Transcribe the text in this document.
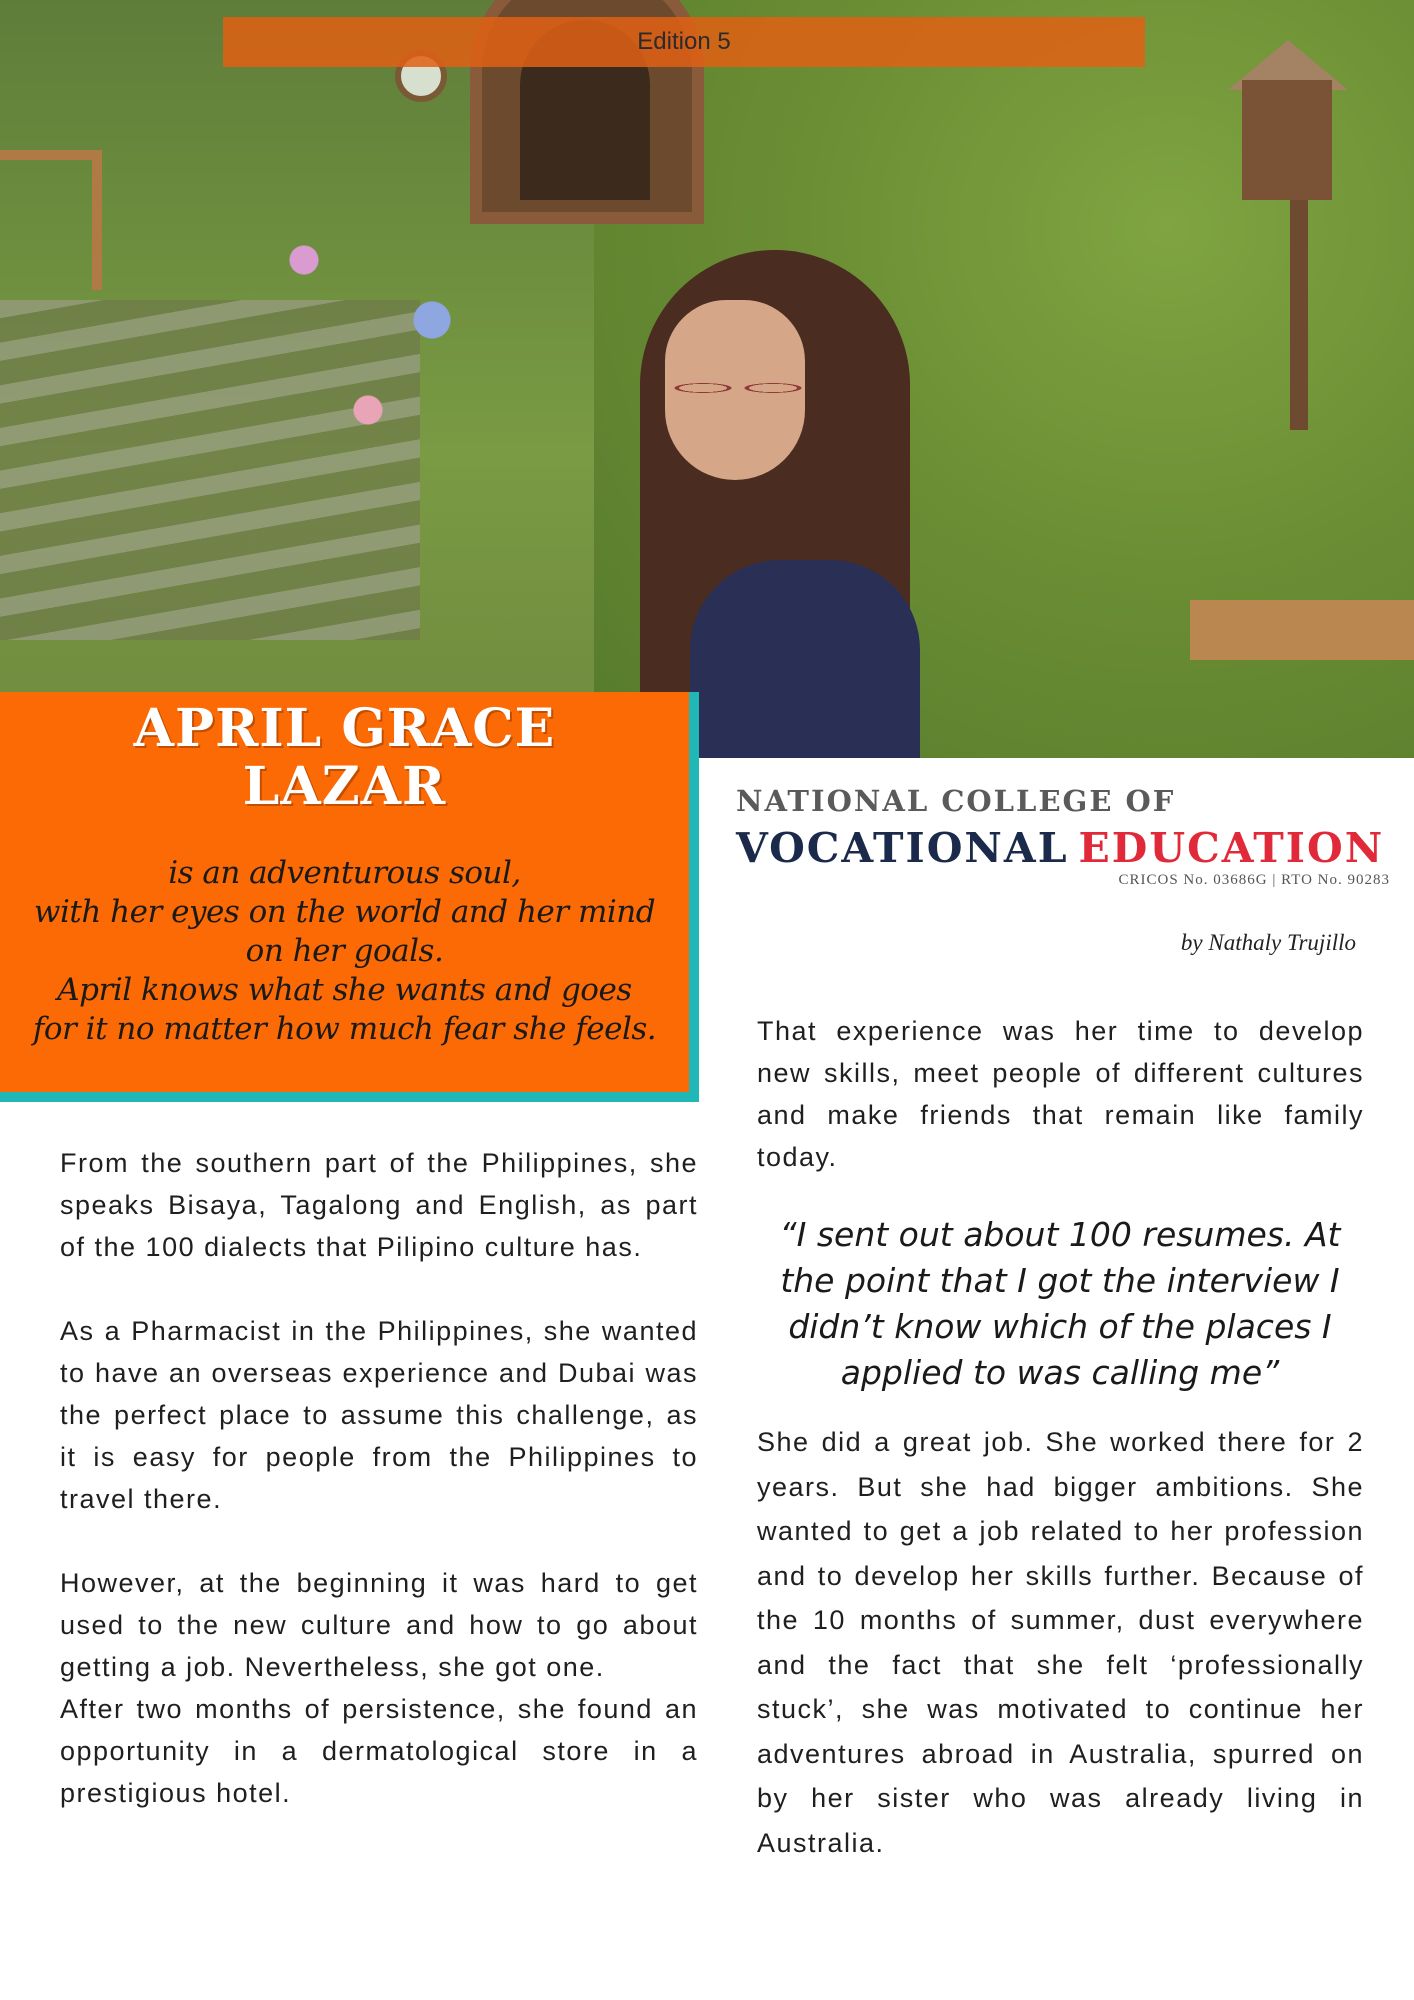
Edition 5
APRIL GRACE
LAZAR
is an adventurous soul,
with her eyes on the world and her mind
on her goals.
April knows what she wants and goes
for it no matter how much fear she feels.
NATIONAL COLLEGE OF
VOCATIONAL EDUCATION
CRICOS No. 03686G | RTO No. 90283
by Nathaly Trujillo

From the southern part of the Philippines, she speaks Bisaya, Tagalong and English, as part of the 100 dialects that Pilipino culture has.

As a Pharmacist in the Philippines, she wanted to have an overseas experience and Dubai was the perfect place to assume this challenge, as it is easy for people from the Philippines to travel there.

However, at the beginning it was hard to get used to the new culture and how to go about getting a job. Nevertheless, she got one.

After two months of persistence, she found an opportunity in a dermatological store in a prestigious hotel.

That experience was her time to develop new skills, meet people of different cultures and make friends that remain like family today.

“I sent out about 100 resumes. At
the point that I got the interview I
didn’t know which of the places I
applied to was calling me”

She did a great job. She worked there for 2 years. But she had bigger ambitions. She wanted to get a job related to her profession and to develop her skills further. Because of the 10 months of summer, dust everywhere and the fact that she felt ‘professionally stuck’, she was motivated to continue her adventures abroad in Australia, spurred on by her sister who was already living in Australia.
